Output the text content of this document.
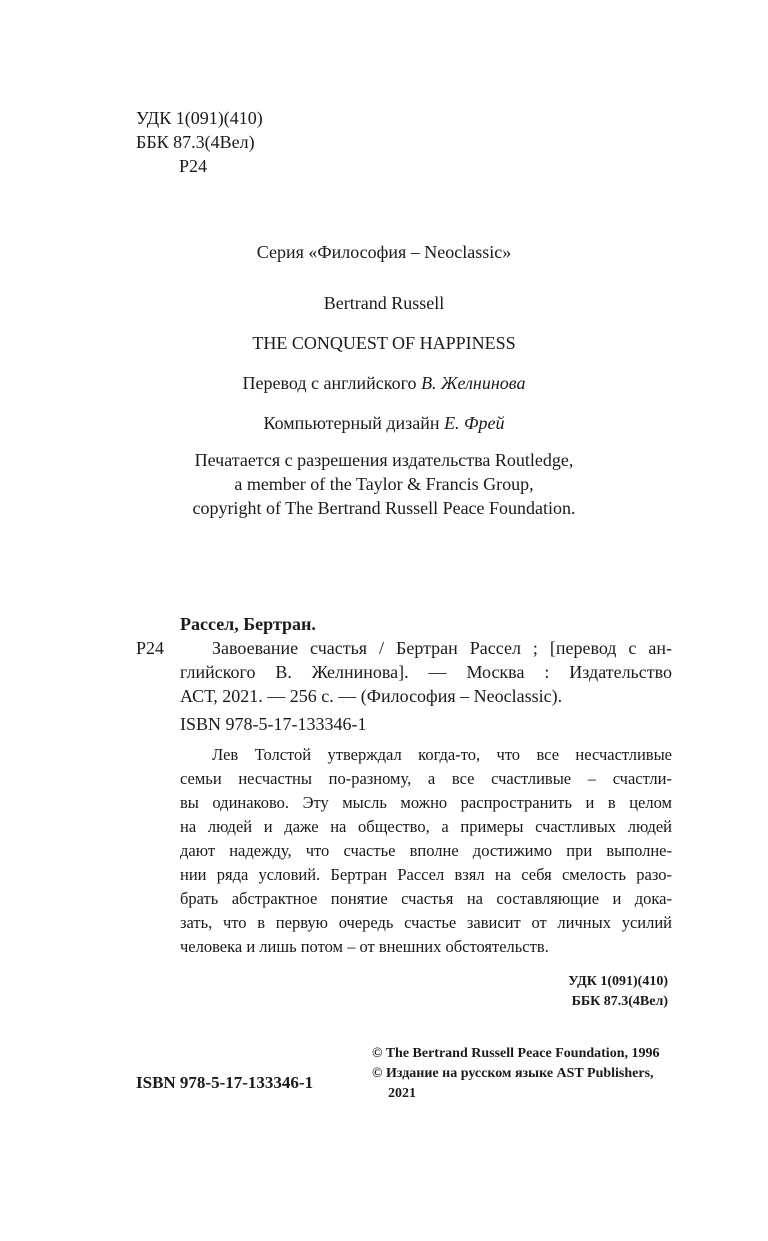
УДК 1(091)(410)
ББК 87.3(4Вел)
Р24
Серия «Философия – Neoclassic»
Bertrand Russell
THE CONQUEST OF HAPPINESS
Перевод с английского В. Желнинова
Компьютерный дизайн Е. Фрей
Печатается с разрешения издательства Routledge,
a member of the Taylor & Francis Group,
copyright of The Bertrand Russell Peace Foundation.
Рассел, Бертран.
Р24	Завоевание счастья / Бертран Рассел ; [перевод с ан-
глийского В. Желнинова]. — Москва : Издательство
АСТ, 2021. — 256 с. — (Философия – Neoclassic).
ISBN 978-5-17-133346-1
Лев Толстой утверждал когда-то, что все несчастливые
семьи несчастны по-разному, а все счастливые – счастли-
вы одинаково. Эту мысль можно распространить и в целом
на людей и даже на общество, а примеры счастливых людей
дают надежду, что счастье вполне достижимо при выполне-
нии ряда условий. Бертран Рассел взял на себя смелость разо-
брать абстрактное понятие счастья на составляющие и дока-
зать, что в первую очередь счастье зависит от личных усилий
человека и лишь потом – от внешних обстоятельств.
УДК 1(091)(410)
ББК 87.3(4Вел)
ISBN 978-5-17-133346-1
© The Bertrand Russell Peace Foundation, 1996
© Издание на русском языке AST Publishers,
2021
